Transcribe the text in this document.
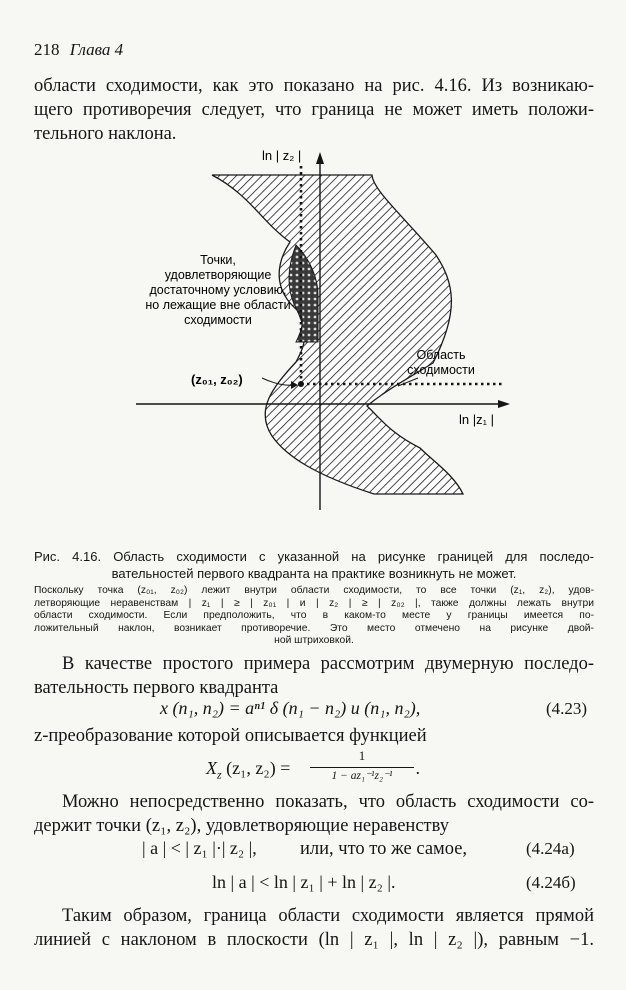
218 Глава 4
области сходимости, как это показано на рис. 4.16. Из возникаю-
щего противоречия следует, что граница не может иметь положи-
тельного наклона.
ln | z₂ |
ln |z₁ |
(z₀₁, z₀₂)
Точки,
удовлетворяющие
достаточному условию,
но лежащие вне области
сходимости
Область
сходимости
Рис. 4.16. Область сходимости с указанной на рисунке границей для последо-
вательностей первого квадранта на практике возникнуть не может.
Поскольку точка (z₀₁, z₀₂) лежит внутри области сходимости, то все точки (z₁, z₂), удов-
летворяющие неравенствам | z₁ | ≥ | z₀₁ | и | z₂ | ≥ | z₀₂ |, также должны лежать внутри
области сходимости. Если предположить, что в каком-то месте у границы имеется по-
ложительный наклон, возникает противоречие. Это место отмечено на рисунке двой-
ной штриховкой.
В качестве простого примера рассмотрим двумерную последо-
вательность первого квадранта
x (n₁, n₂) = aⁿ¹ δ (n₁ − n₂) u (n₁, n₂),	(4.23)
z-преобразование которой описывается функцией
$X_z$ (z₁, z₂) =
1
1 − az₁⁻¹z₂⁻¹	.
Можно непосредственно показать, что область сходимости со-
держит точки (z₁, z₂), удовлетворяющие неравенству
| a | < | z₁ |·| z₂ |, или, что то же самое,	(4.24а)
ln | a | < ln | z₁ | + ln | z₂ |.	(4.24б)
Таким образом, граница области сходимости является прямой
линией с наклоном в плоскости (ln | z₁ |, ln | z₂ |), равным −1.
